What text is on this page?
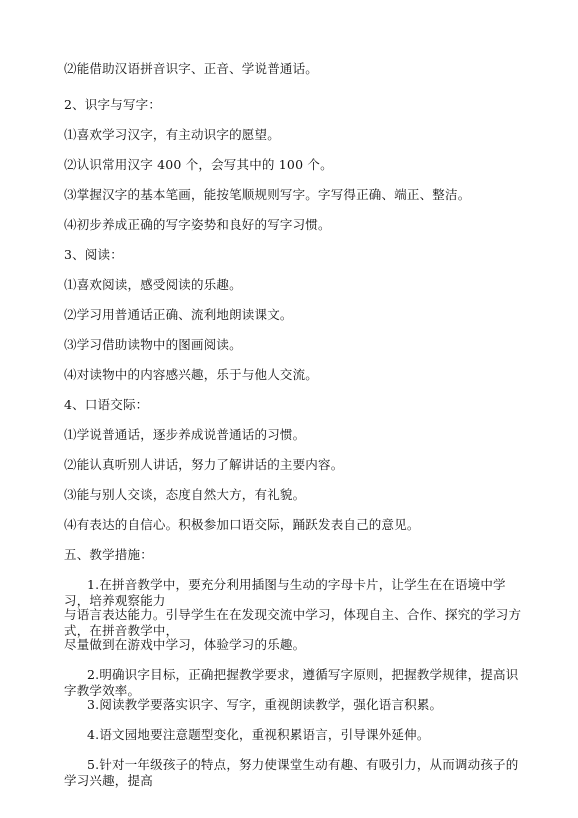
⑵能借助汉语拼音识字、正音、学说普通话。
2、识字与写字：
⑴喜欢学习汉字，有主动识字的愿望。
⑵认识常用汉字 400 个，会写其中的 100 个。
⑶掌握汉字的基本笔画，能按笔顺规则写字。字写得正确、端正、整洁。
⑷初步养成正确的写字姿势和良好的写字习惯。
3、阅读：
⑴喜欢阅读，感受阅读的乐趣。
⑵学习用普通话正确、流利地朗读课文。
⑶学习借助读物中的图画阅读。
⑷对读物中的内容感兴趣，乐于与他人交流。
4、口语交际：
⑴学说普通话，逐步养成说普通话的习惯。
⑵能认真听别人讲话，努力了解讲话的主要内容。
⑶能与别人交谈，态度自然大方，有礼貌。
⑷有表达的自信心。积极参加口语交际，踊跃发表自己的意见。
五、教学措施：
1.在拼音教学中，要充分利用插图与生动的字母卡片，让学生在在语境中学习，培养观察能力
与语言表达能力。引导学生在在发现交流中学习，体现自主、合作、探究的学习方式，在拼音教学中，
尽量做到在游戏中学习，体验学习的乐趣。
2.明确识字目标，正确把握教学要求，遵循写字原则，把握教学规律，提高识字教学效率。
3.阅读教学要落实识字、写字，重视朗读教学，强化语言积累。
4.语文园地要注意题型变化，重视积累语言，引导课外延伸。
5.针对一年级孩子的特点，努力使课堂生动有趣、有吸引力，从而调动孩子的学习兴趣，提高
